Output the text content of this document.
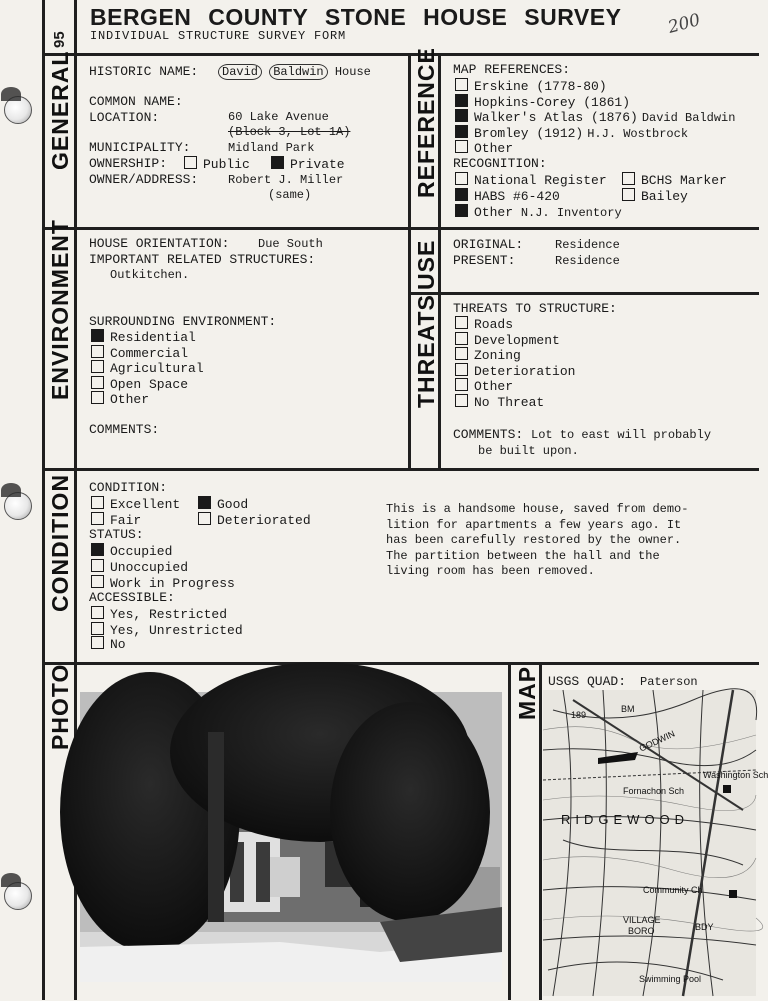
95
BERGEN COUNTY STONE HOUSE SURVEY
INDIVIDUAL STRUCTURE SURVEY FORM	200
GENERAL	REFERENCE
ENVIRONMENT	USE
THREATS
CONDITION
PHOTO	MAP
HISTORIC NAME:	David Baldwin House
COMMON NAME:
LOCATION:	60 Lake Avenue
(Block 3, Lot 1A)
MUNICIPALITY:	Midland Park
OWNERSHIP:	Public	Private
OWNER/ADDRESS: Robert J. Miller
(same)
MAP REFERENCES:
Erskine (1778-80)
Hopkins-Corey (1861)
Walker's Atlas (1876) David Baldwin
Bromley (1912) H.J. Wostbrock
Other
RECOGNITION:
National Register	BCHS Marker
HABS #6-420	Bailey
Other N.J. Inventory
HOUSE ORIENTATION: Due South
IMPORTANT RELATED STRUCTURES:
Outkitchen.
SURROUNDING ENVIRONMENT:
Residential
Commercial
Agricultural
Open Space
Other
COMMENTS:
ORIGINAL:	Residence
PRESENT:	Residence
THREATS TO STRUCTURE:
Roads
Development
Zoning
Deterioration
Other
No Threat
COMMENTS: Lot to east will probably
be built upon.
CONDITION:
Excellent	Good
Fair	Deteriorated
STATUS:
Occupied
Unoccupied
Work in Progress
ACCESSIBLE:
Yes, Restricted
Yes, Unrestricted
No
This is a handsome house, saved from demo-
lition for apartments a few years ago. It
has been carefully restored by the owner.
The partition between the hall and the
living room has been removed.
USGS QUAD: Paterson
189
BM
GODWIN
Washington Sch
Fornachon Sch
RIDGEWOOD
Community Ch
VILLAGE
BORO	BDY
Swimming Pool
